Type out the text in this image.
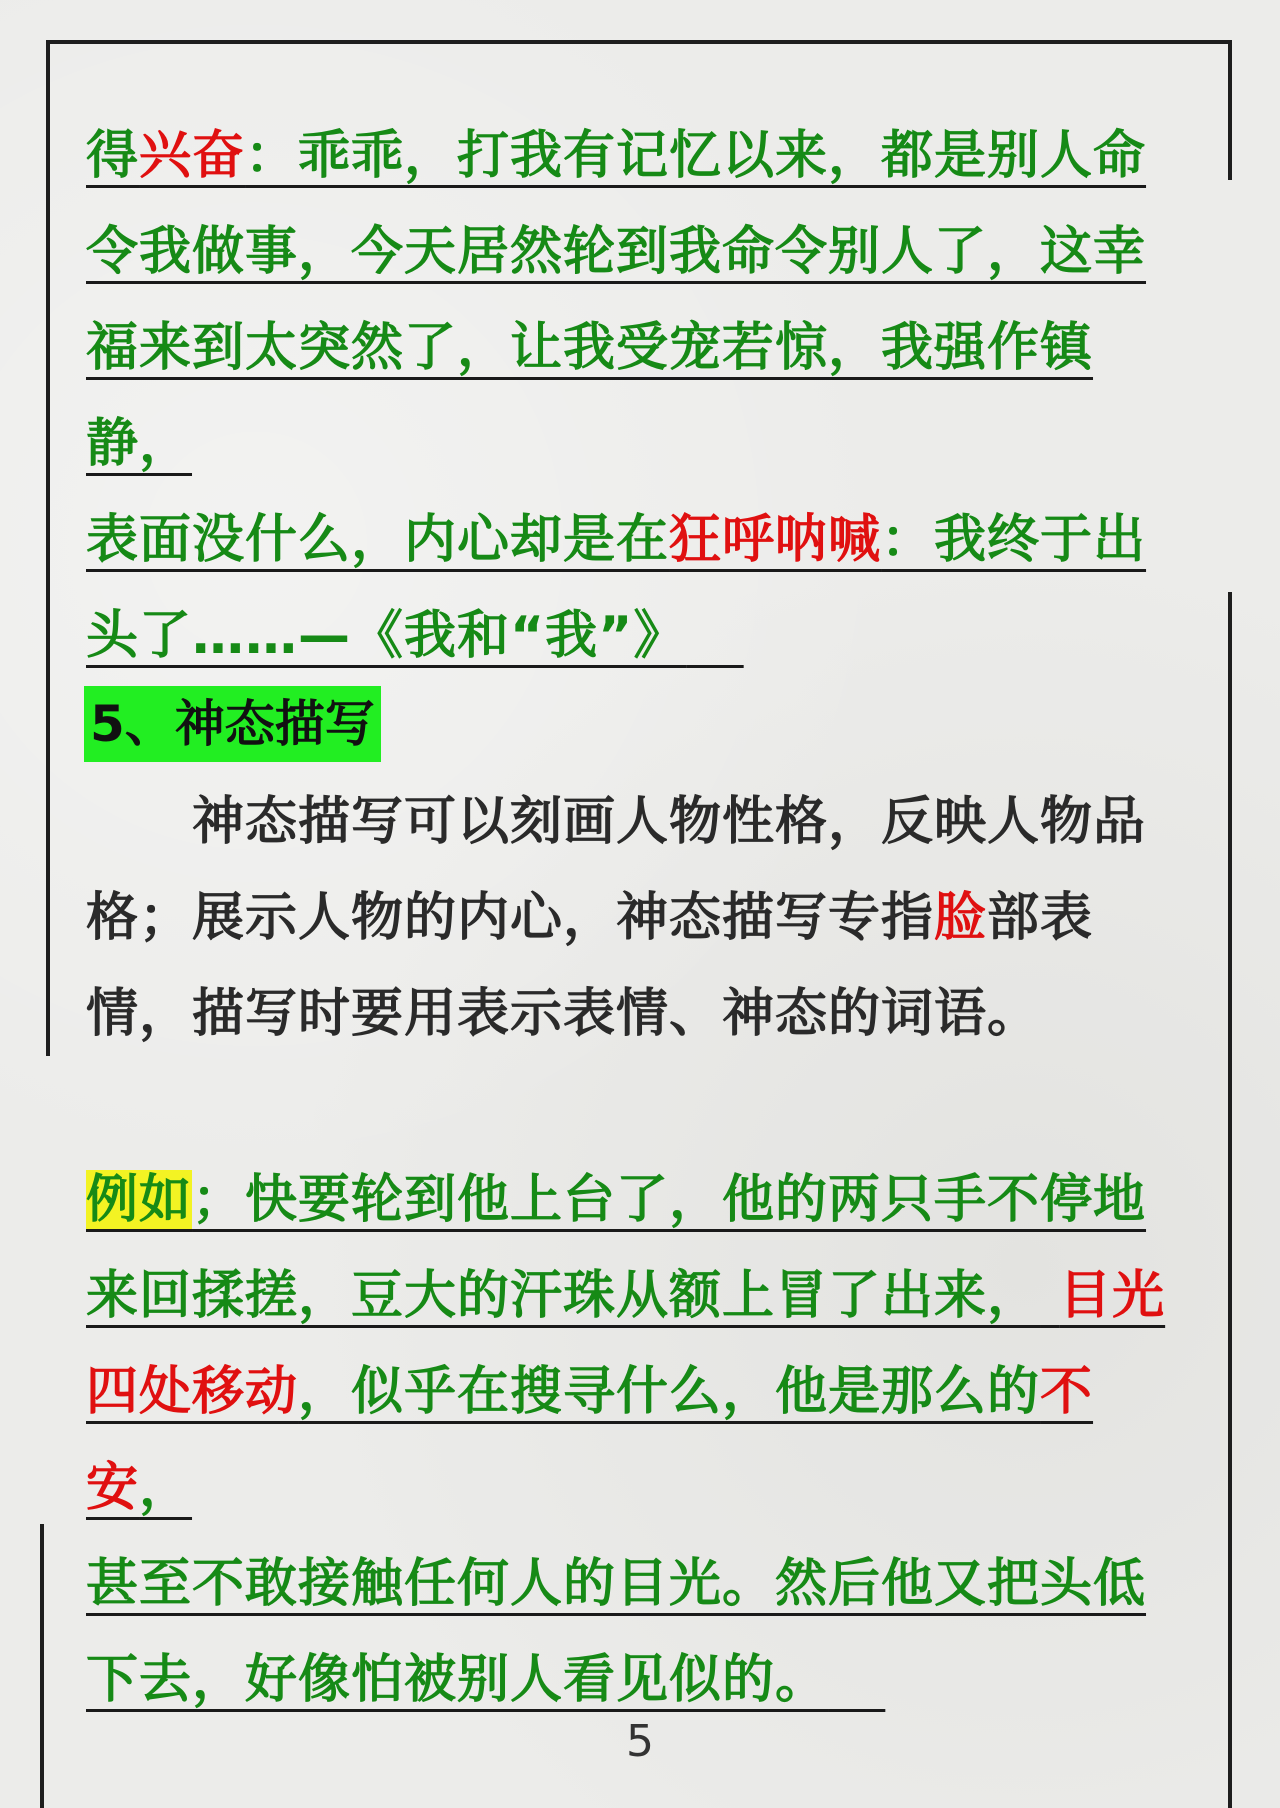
得兴奋：乖乖，打我有记忆以来，都是别人命
令我做事，今天居然轮到我命令别人了，这幸
福来到太突然了，让我受宠若惊，我强作镇静，
表面没什么，内心却是在狂呼呐喊：我终于出
头了……—《我和“我”》

5、神态描写

　　神态描写可以刻画人物性格，反映人物品格；展示人物的内心，神态描写专指脸部表情，描写时要用表示表情、神态的词语。

例如；快要轮到他上台了，他的两只手不停地
来回揉搓，豆大的汗珠从额上冒了出来， 目光
四处移动，似乎在搜寻什么，他是那么的不安，
甚至不敢接触任何人的目光。然后他又把头低
下去，好像怕被别人看见似的。

5
